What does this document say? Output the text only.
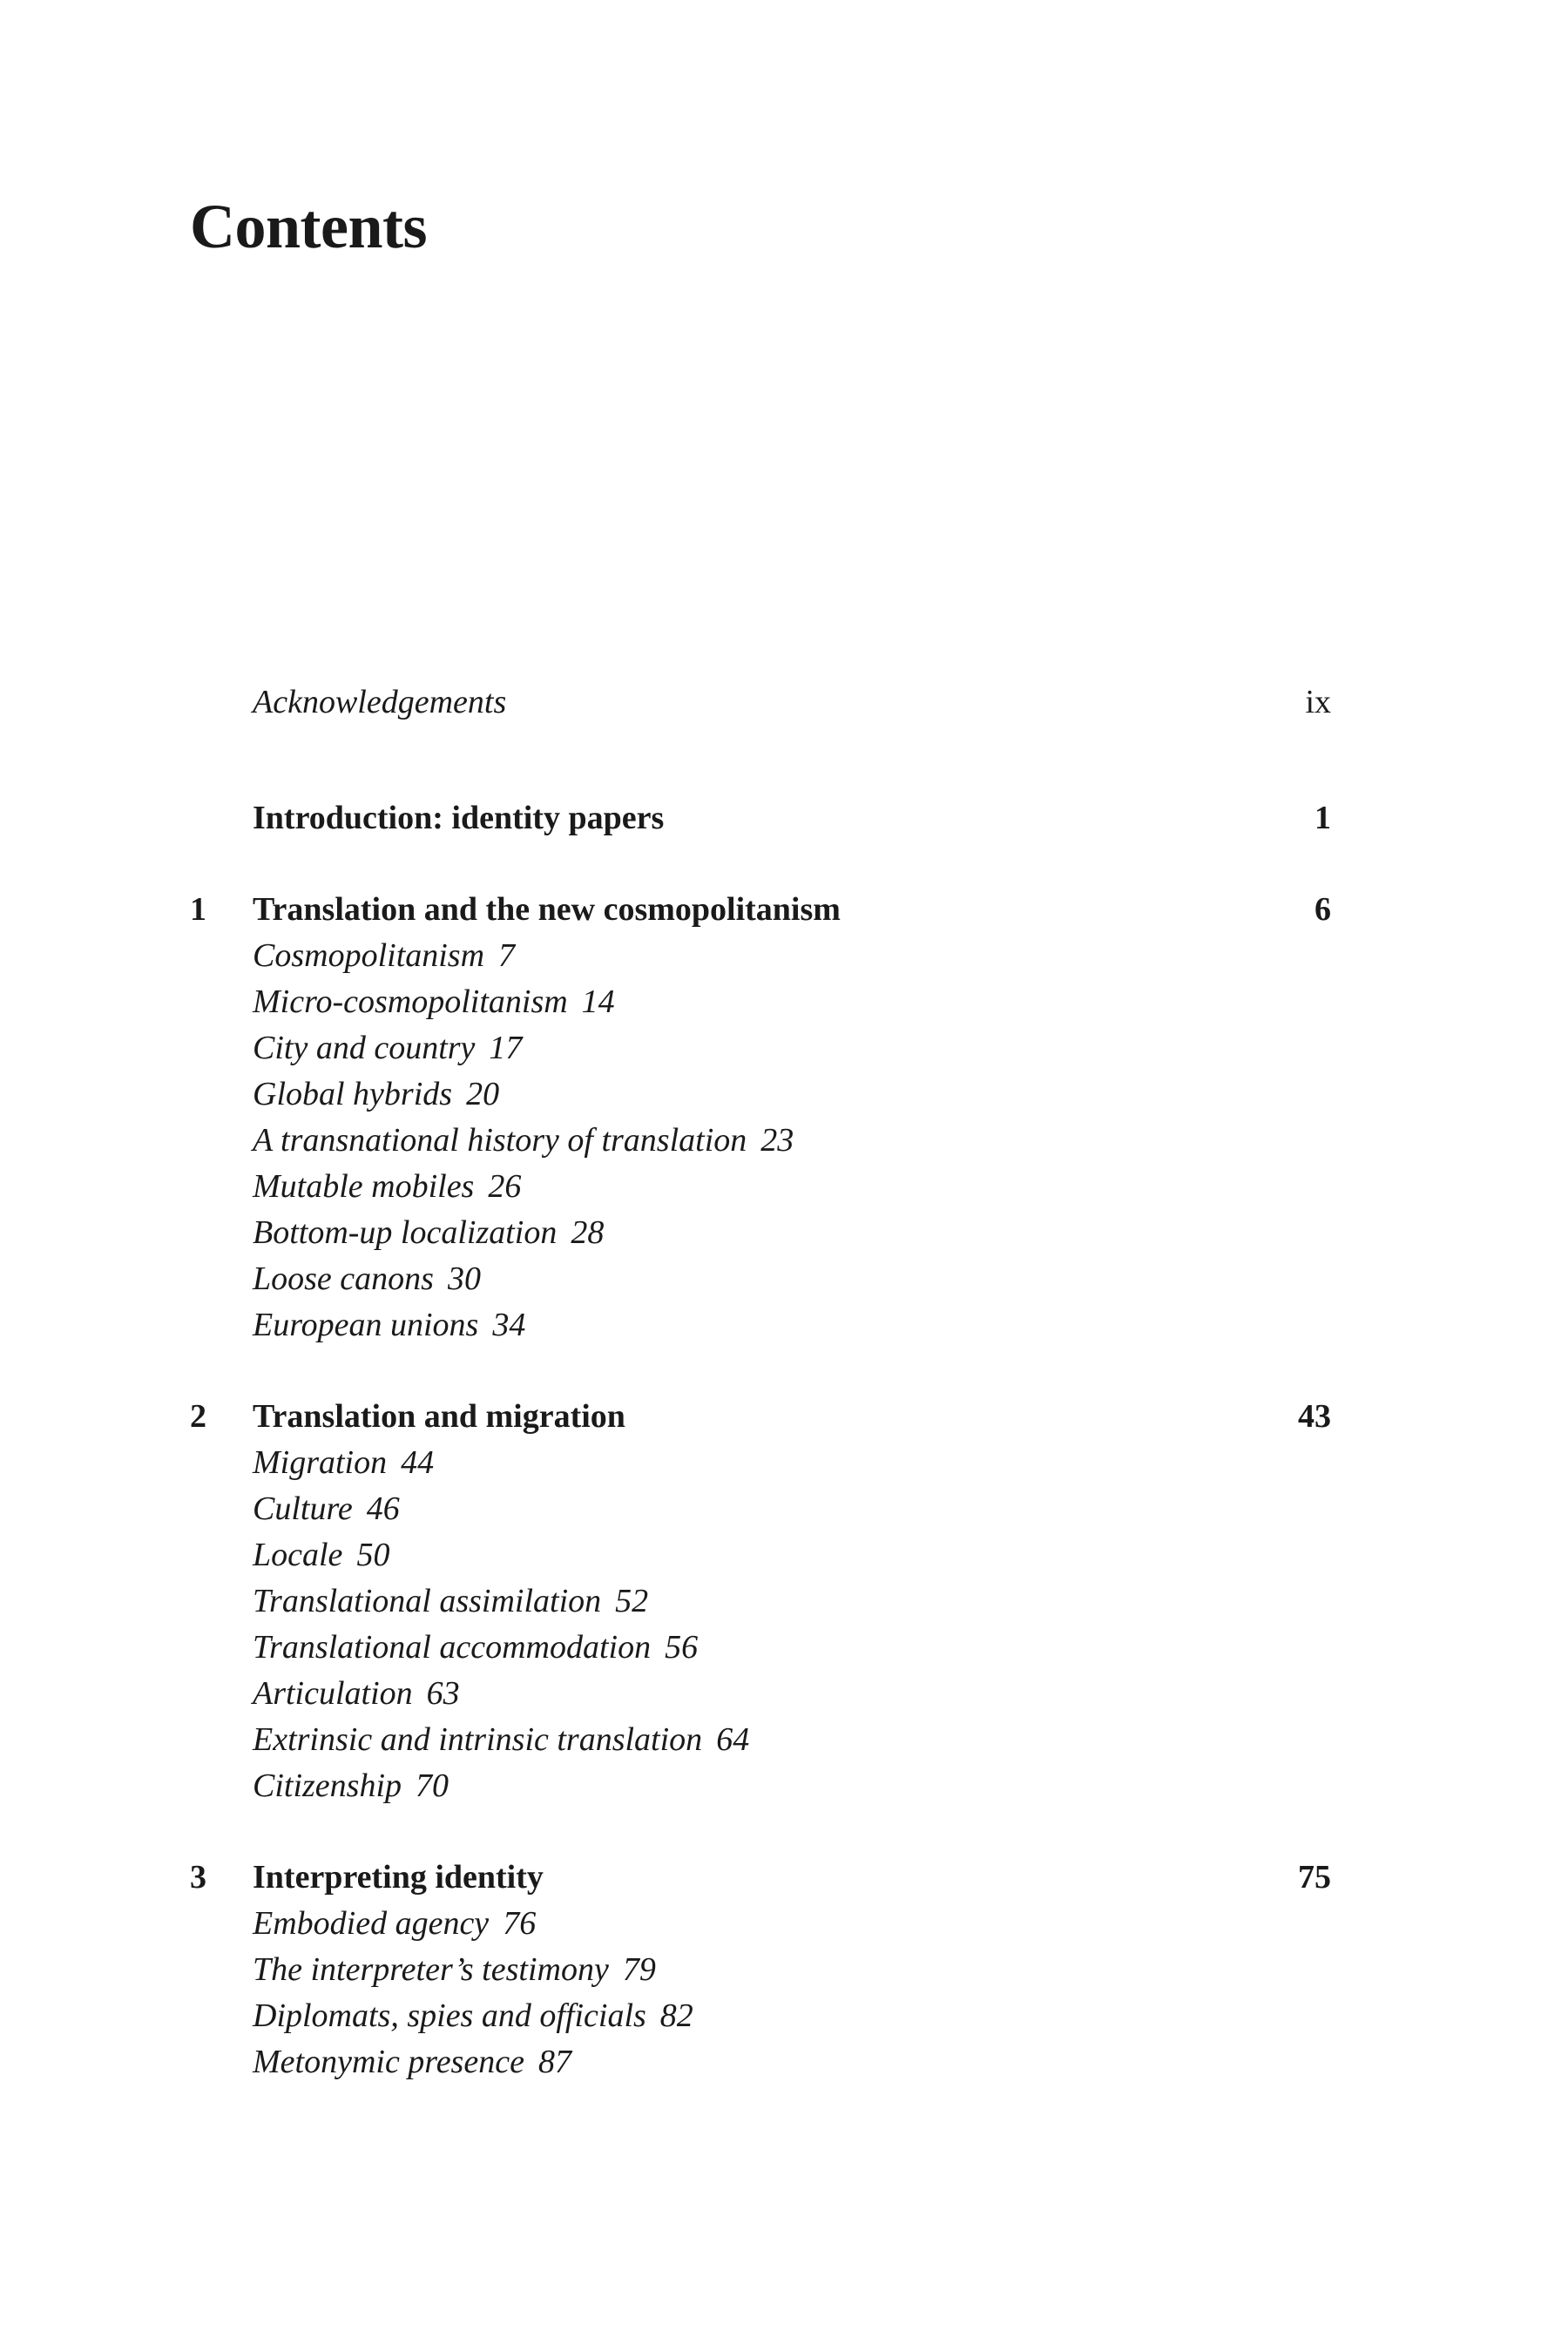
Contents
Acknowledgements	ix
Introduction: identity papers	1
1 Translation and the new cosmopolitanism	6
Cosmopolitanism 7
Micro-cosmopolitanism 14
City and country 17
Global hybrids 20
A transnational history of translation 23
Mutable mobiles 26
Bottom-up localization 28
Loose canons 30
European unions 34
2 Translation and migration	43
Migration 44
Culture 46
Locale 50
Translational assimilation 52
Translational accommodation 56
Articulation 63
Extrinsic and intrinsic translation 64
Citizenship 70
3 Interpreting identity	75
Embodied agency 76
The interpreter’s testimony 79
Diplomats, spies and officials 82
Metonymic presence 87
